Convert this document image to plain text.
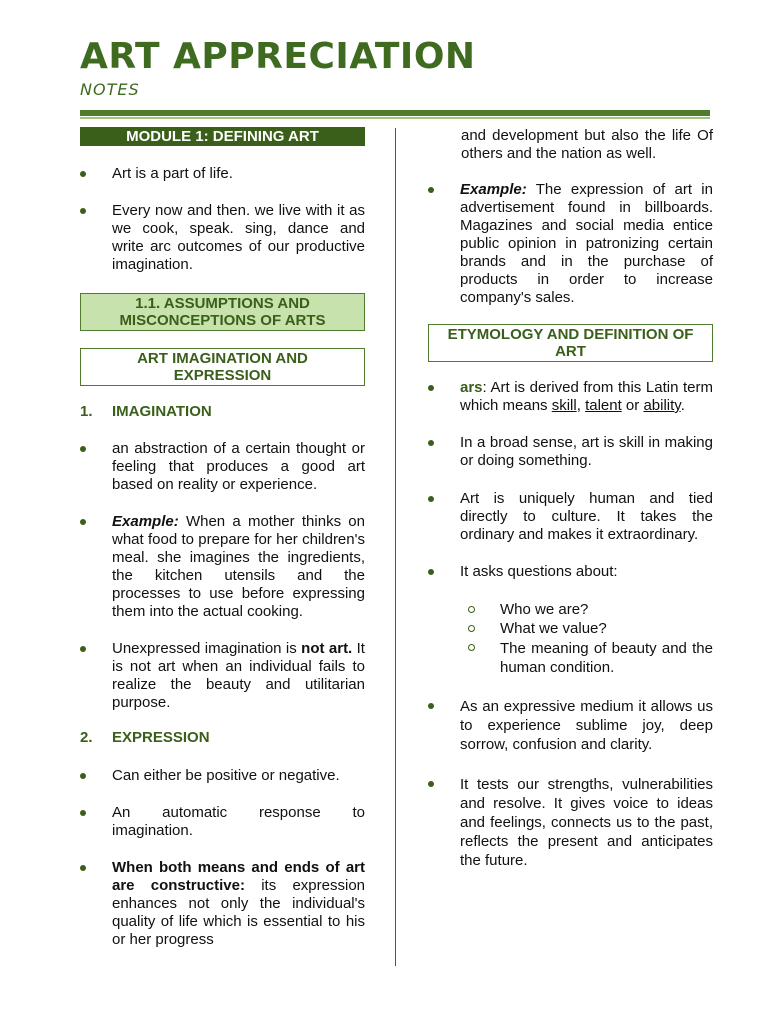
ART APPRECIATION
NOTES
MODULE 1: DEFINING ART
Art is a part of life.
Every now and then. we live with it as we cook, speak. sing, dance and write arc outcomes of our productive imagination.
1.1. ASSUMPTIONS AND MISCONCEPTIONS OF ARTS
ART IMAGINATION AND EXPRESSION
1.	IMAGINATION
an abstraction of a certain thought or feeling that produces a good art based on reality or experience.
Example: When a mother thinks on what food to prepare for her children's meal. she imagines the ingredients, the kitchen utensils and the processes to use before expressing them into the actual cooking.
Unexpressed imagination is not art. It is not art when an individual fails to realize the beauty and utilitarian purpose.
2.	EXPRESSION
Can either be positive or negative.
An automatic response to imagination.
When both means and ends of art are constructive: its expression enhances not only the individual's quality of life which is essential to his or her progress
and development but also the life Of others and the nation as well.
Example: The expression of art in advertisement found in billboards. Magazines and social media entice public opinion in patronizing certain brands and in the purchase of products in order to increase company's sales.
ETYMOLOGY AND DEFINITION OF ART
ars: Art is derived from this Latin term which means skill, talent or ability.
In a broad sense, art is skill in making or doing something.
Art is uniquely human and tied directly to culture. It takes the ordinary and makes it extraordinary.
It asks questions about:
Who we are?
What we value?
The meaning of beauty and the human condition.
As an expressive medium it allows us to experience sublime joy, deep sorrow, confusion and clarity.
It tests our strengths, vulnerabilities and resolve. It gives voice to ideas and feelings, connects us to the past, reflects the present and anticipates the future.
